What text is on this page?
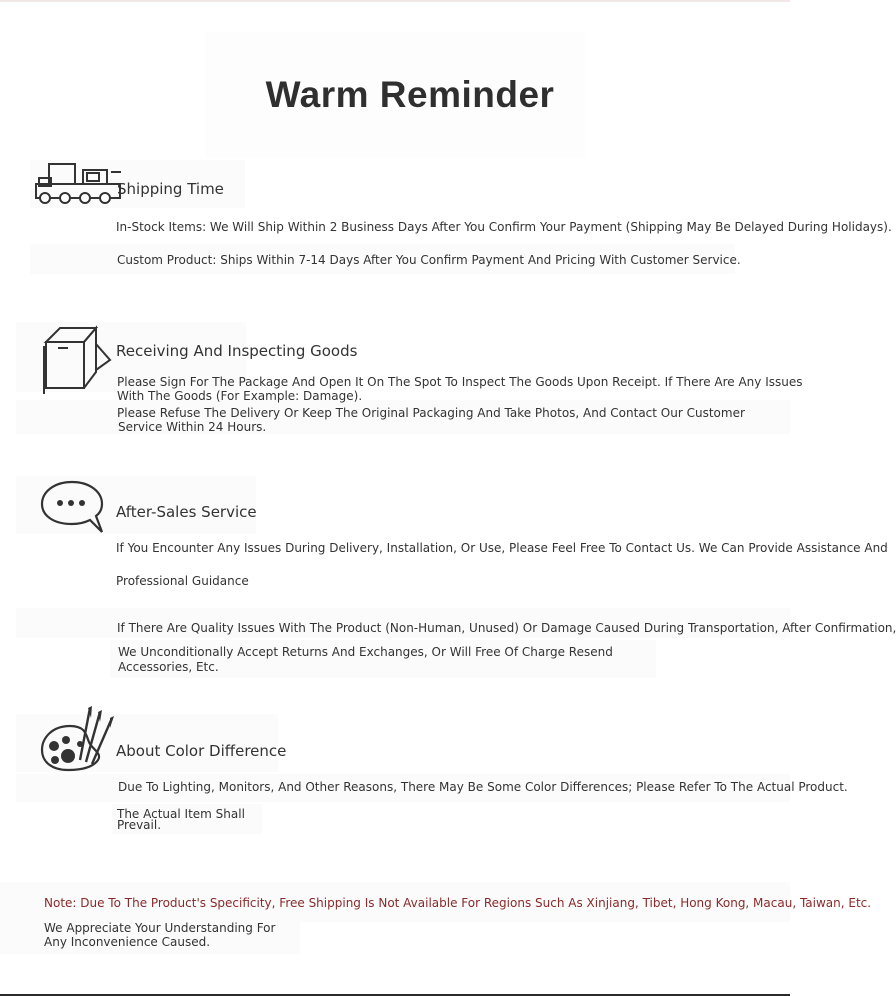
Warm Reminder
Shipping Time
In-Stock Items: We Will Ship Within 2 Business Days After You Confirm Your Payment (Shipping May Be Delayed During Holidays).
Custom Product: Ships Within 7-14 Days After You Confirm Payment And Pricing With Customer Service.
Receiving And Inspecting Goods
Please Sign For The Package And Open It On The Spot To Inspect The Goods Upon Receipt. If There Are Any Issues
With The Goods (For Example: Damage).
Please Refuse The Delivery Or Keep The Original Packaging And Take Photos, And Contact Our Customer
Service Within 24 Hours.
After-Sales Service
If You Encounter Any Issues During Delivery, Installation, Or Use, Please Feel Free To Contact Us. We Can Provide Assistance And
Professional Guidance
If There Are Quality Issues With The Product (Non-Human, Unused) Or Damage Caused During Transportation, After Confirmation,
We Unconditionally Accept Returns And Exchanges, Or Will Free Of Charge Resend
Accessories, Etc.
About Color Difference
Due To Lighting, Monitors, And Other Reasons, There May Be Some Color Differences; Please Refer To The Actual Product.
The Actual Item Shall
Prevail.
Note: Due To The Product's Specificity, Free Shipping Is Not Available For Regions Such As Xinjiang, Tibet, Hong Kong, Macau, Taiwan, Etc.
We Appreciate Your Understanding For
Any Inconvenience Caused.
